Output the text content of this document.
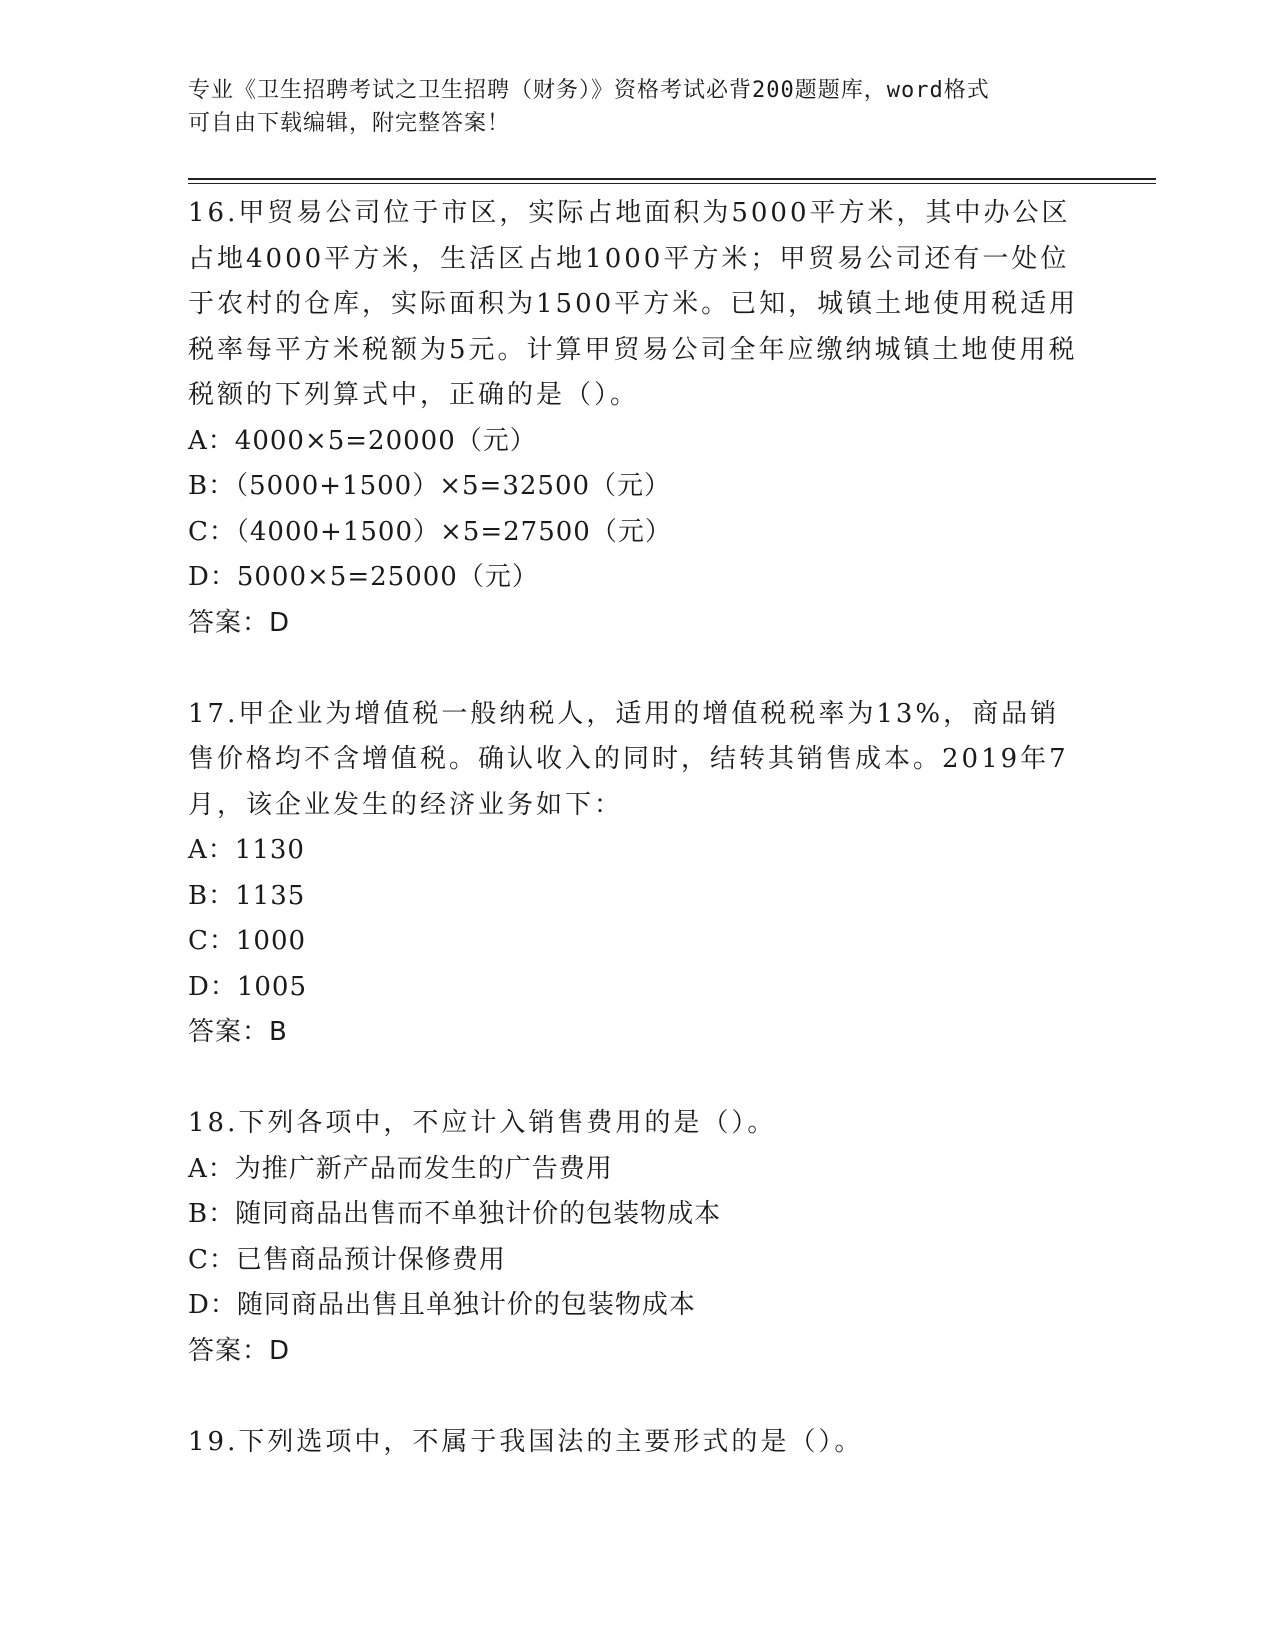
专业《卫生招聘考试之卫生招聘（财务）》资格考试必背200题题库，word格式
可自由下载编辑，附完整答案！

16.甲贸易公司位于市区，实际占地面积为5000平方米，其中办公区占地4000平方米，生活区占地1000平方米；甲贸易公司还有一处位于农村的仓库，实际面积为1500平方米。已知，城镇土地使用税适用税率每平方米税额为5元。计算甲贸易公司全年应缴纳城镇土地使用税税额的下列算式中，正确的是（）。

A：4000×5=20000（元）

B：（5000+1500）×5=32500（元）

C：（4000+1500）×5=27500（元）

D：5000×5=25000（元）

答案：D

17.甲企业为增值税一般纳税人，适用的增值税税率为13%，商品销售价格均不含增值税。确认收入的同时，结转其销售成本。2019年7月，该企业发生的经济业务如下：

A：1130

B：1135

C：1000

D：1005

答案：B

18.下列各项中，不应计入销售费用的是（）。

A：为推广新产品而发生的广告费用

B：随同商品出售而不单独计价的包装物成本

C：已售商品预计保修费用

D：随同商品出售且单独计价的包装物成本

答案：D

19.下列选项中，不属于我国法的主要形式的是（）。
